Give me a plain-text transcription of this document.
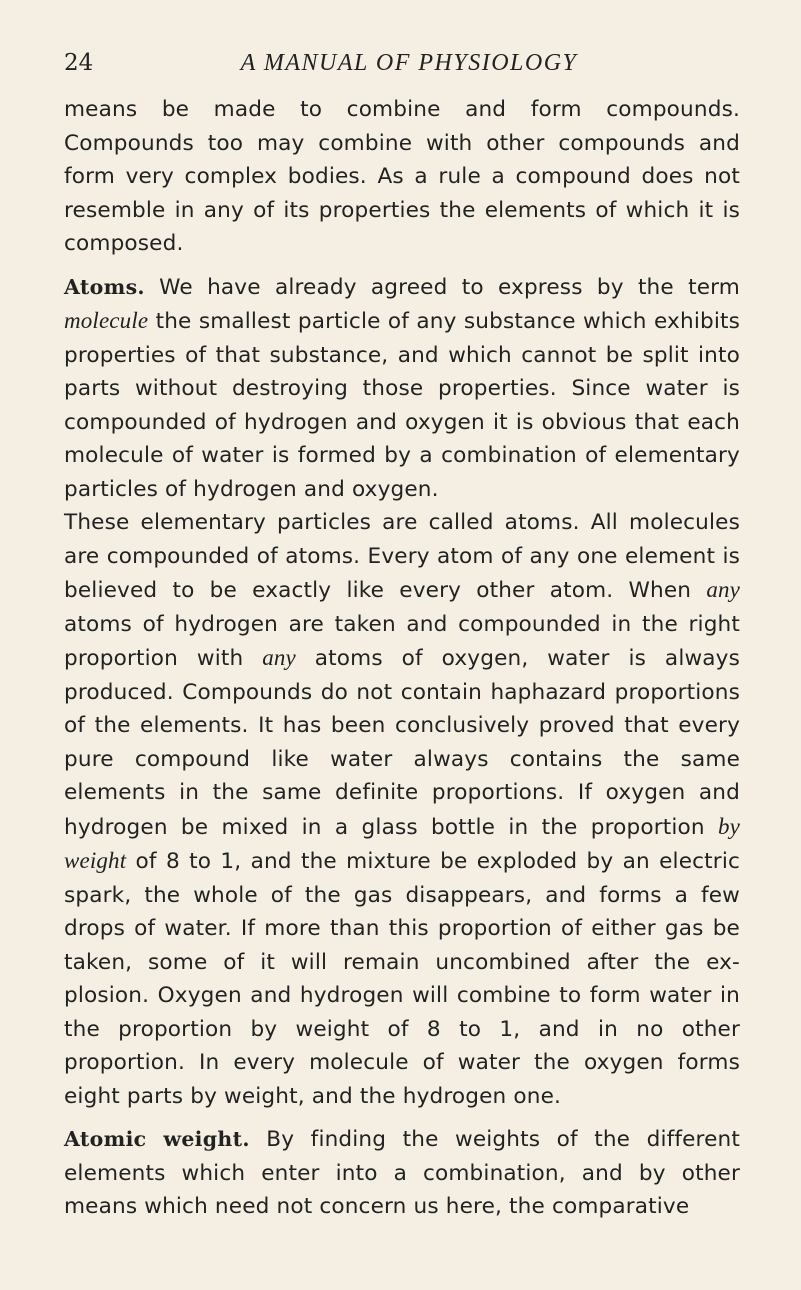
24	A MANUAL OF PHYSIOLOGY

means be made to combine and form compounds. Compounds too may combine with other compounds and form very complex bodies. As a rule a compound does not resemble in any of its properties the elements of which it is composed.

Atoms. We have already agreed to express by the term molecule the smallest particle of any substance which exhibits properties of that substance, and which cannot be split into parts without destroying those properties. Since water is compounded of hydrogen and oxygen it is obvious that each molecule of water is formed by a combination of elementary particles of hydrogen and oxygen.

These elementary particles are called atoms. All molecules are compounded of atoms. Every atom of any one element is believed to be exactly like every other atom. When any atoms of hydrogen are taken and compounded in the right proportion with any atoms of oxygen, water is always produced. Compounds do not contain haphazard proportions of the elements. It has been conclusively proved that every pure compound like water always contains the same elements in the same definite proportions. If oxygen and hydrogen be mixed in a glass bottle in the proportion by weight of 8 to 1, and the mixture be exploded by an electric spark, the whole of the gas disappears, and forms a few drops of water. If more than this proportion of either gas be taken, some of it will remain uncombined after the ex- plosion. Oxygen and hydrogen will combine to form water in the proportion by weight of 8 to 1, and in no other proportion. In every molecule of water the oxygen forms eight parts by weight, and the hydrogen one.

Atomic weight. By finding the weights of the different elements which enter into a combination, and by other means which need not concern us here, the comparative
